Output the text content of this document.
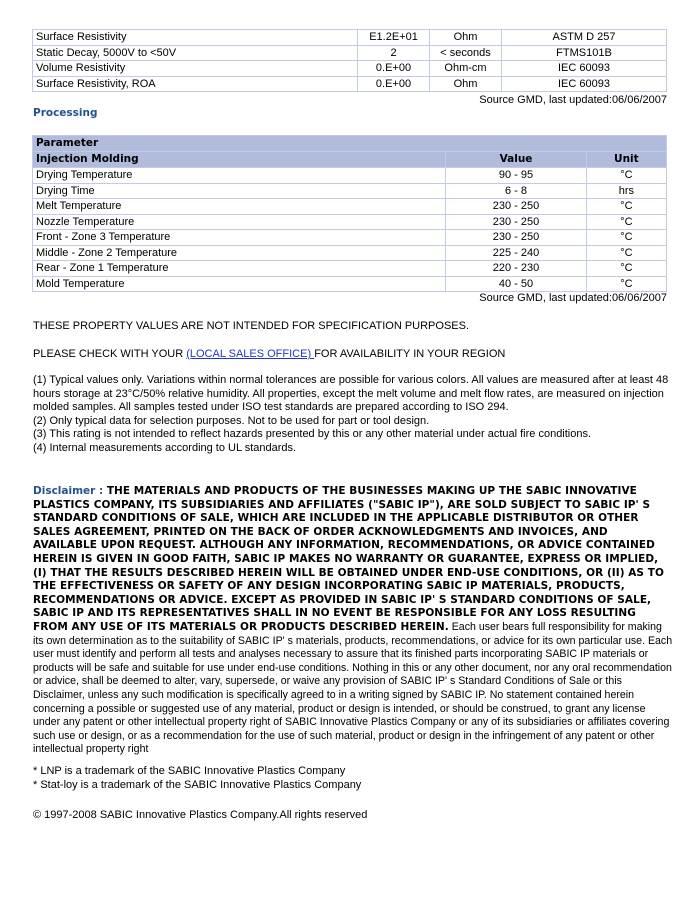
Surface Resistivity	E1.2E+01	Ohm	ASTM D 257
Static Decay, 5000V to <50V	2	< seconds	FTMS101B
Volume Resistivity	0.E+00	Ohm-cm	IEC 60093
Surface Resistivity, ROA	0.E+00	Ohm	IEC 60093
Source GMD, last updated:06/06/2007
Processing
Parameter		
Injection Molding	Value	Unit
Drying Temperature	90 - 95	°C
Drying Time	6 - 8	hrs
Melt Temperature	230 - 250	°C
Nozzle Temperature	230 - 250	°C
Front - Zone 3 Temperature	230 - 250	°C
Middle - Zone 2 Temperature	225 - 240	°C
Rear - Zone 1 Temperature	220 - 230	°C
Mold Temperature	40 - 50	°C
Source GMD, last updated:06/06/2007
THESE PROPERTY VALUES ARE NOT INTENDED FOR SPECIFICATION PURPOSES.
PLEASE CHECK WITH YOUR (LOCAL SALES OFFICE) FOR AVAILABILITY IN YOUR REGION
(1) Typical values only. Variations within normal tolerances are possible for various colors. All values are measured after at least 48 hours storage at 23°C/50% relative humidity. All properties, except the melt volume and melt flow rates, are measured on injection molded samples. All samples tested under ISO test standards are prepared according to ISO 294.
(2) Only typical data for selection purposes. Not to be used for part or tool design.
(3) This rating is not intended to reflect hazards presented by this or any other material under actual fire conditions.
(4) Internal measurements according to UL standards.
Disclaimer : THE MATERIALS AND PRODUCTS OF THE BUSINESSES MAKING UP THE SABIC INNOVATIVE PLASTICS COMPANY, ITS SUBSIDIARIES AND AFFILIATES ("SABIC IP"), ARE SOLD SUBJECT TO SABIC IP' S STANDARD CONDITIONS OF SALE, WHICH ARE INCLUDED IN THE APPLICABLE DISTRIBUTOR OR OTHER SALES AGREEMENT, PRINTED ON THE BACK OF ORDER ACKNOWLEDGMENTS AND INVOICES, AND AVAILABLE UPON REQUEST. ALTHOUGH ANY INFORMATION, RECOMMENDATIONS, OR ADVICE CONTAINED HEREIN IS GIVEN IN GOOD FAITH, SABIC IP MAKES NO WARRANTY OR GUARANTEE, EXPRESS OR IMPLIED, (I) THAT THE RESULTS DESCRIBED HEREIN WILL BE OBTAINED UNDER END-USE CONDITIONS, OR (II) AS TO THE EFFECTIVENESS OR SAFETY OF ANY DESIGN INCORPORATING SABIC IP MATERIALS, PRODUCTS, RECOMMENDATIONS OR ADVICE. EXCEPT AS PROVIDED IN SABIC IP' S STANDARD CONDITIONS OF SALE, SABIC IP AND ITS REPRESENTATIVES SHALL IN NO EVENT BE RESPONSIBLE FOR ANY LOSS RESULTING FROM ANY USE OF ITS MATERIALS OR PRODUCTS DESCRIBED HEREIN. Each user bears full responsibility for making its own determination as to the suitability of SABIC IP' s materials, products, recommendations, or advice for its own particular use. Each user must identify and perform all tests and analyses necessary to assure that its finished parts incorporating SABIC IP materials or products will be safe and suitable for use under end-use conditions. Nothing in this or any other document, nor any oral recommendation or advice, shall be deemed to alter, vary, supersede, or waive any provision of SABIC IP' s Standard Conditions of Sale or this Disclaimer, unless any such modification is specifically agreed to in a writing signed by SABIC IP. No statement contained herein concerning a possible or suggested use of any material, product or design is intended, or should be construed, to grant any license under any patent or other intellectual property right of SABIC Innovative Plastics Company or any of its subsidiaries or affiliates covering such use or design, or as a recommendation for the use of such material, product or design in the infringement of any patent or other intellectual property right
* LNP is a trademark of the SABIC Innovative Plastics Company
* Stat-loy is a trademark of the SABIC Innovative Plastics Company
© 1997-2008 SABIC Innovative Plastics Company.All rights reserved
